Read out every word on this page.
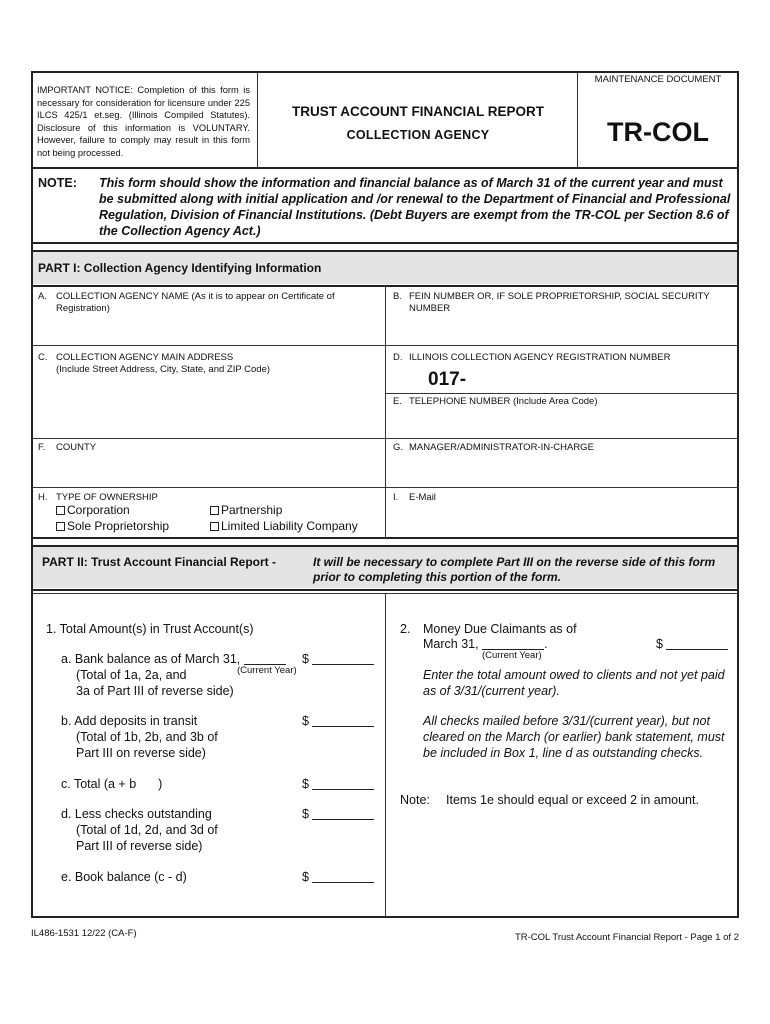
IMPORTANT NOTICE: Completion of this form is necessary for consideration for licensure under 225 ILCS 425/1 et.seg. (Illinois Compiled Statutes). Disclosure of this information is VOLUNTARY. However, failure to comply may result in this form not being processed.
TRUST ACCOUNT FINANCIAL REPORT
COLLECTION AGENCY
MAINTENANCE DOCUMENT
TR-COL
NOTE: This form should show the information and financial balance as of March 31 of the current year and must be submitted along with initial application and /or renewal to the Department of Financial and Professional Regulation, Division of Financial Institutions. (Debt Buyers are exempt from the TR-COL per Section 8.6 of the Collection Agency Act.)
PART I: Collection Agency Identifying Information
A. COLLECTION AGENCY NAME (As it is to appear on Certificate of Registration)
B. FEIN NUMBER OR, IF SOLE PROPRIETORSHIP, SOCIAL SECURITY NUMBER
C. COLLECTION AGENCY MAIN ADDRESS
(Include Street Address, City, State, and ZIP Code)
D. ILLINOIS COLLECTION AGENCY REGISTRATION NUMBER
017-
E. TELEPHONE NUMBER (Include Area Code)
F. COUNTY	G. MANAGER/ADMINISTRATOR-IN-CHARGE
H. TYPE OF OWNERSHIP
Corporation	Partnership
Sole Proprietorship	Limited Liability Company
I. E-Mail
PART II: Trust Account Financial Report -	It will be necessary to complete Part III on the reverse side of this form
prior to completing this portion of the form.
1. Total Amount(s) in Trust Account(s)
a. Bank balance as of March 31,
(Current Year)
(Total of 1a, 2a, and
3a of Part III of reverse side)
$
b. Add deposits in transit
(Total of 1b, 2b, and 3b of
Part III on reverse side)
$
c. Total (a + b )	$
d. Less checks outstanding
(Total of 1d, 2d, and 3d of
Part III of reverse side)
$
e. Book balance (c - d)	$
2. Money Due Claimants as of
March 31,	.
(Current Year)
$
Enter the total amount owed to clients and not yet paid
as of 3/31/(current year).
All checks mailed before 3/31/(current year), but not
cleared on the March (or earlier) bank statement, must
be included in Box 1, line d as outstanding checks.
Note: Items 1e should equal or exceed 2 in amount.
IL486-1531 12/22 (CA-F)	TR-COL Trust Account Financial Report - Page 1 of 2
